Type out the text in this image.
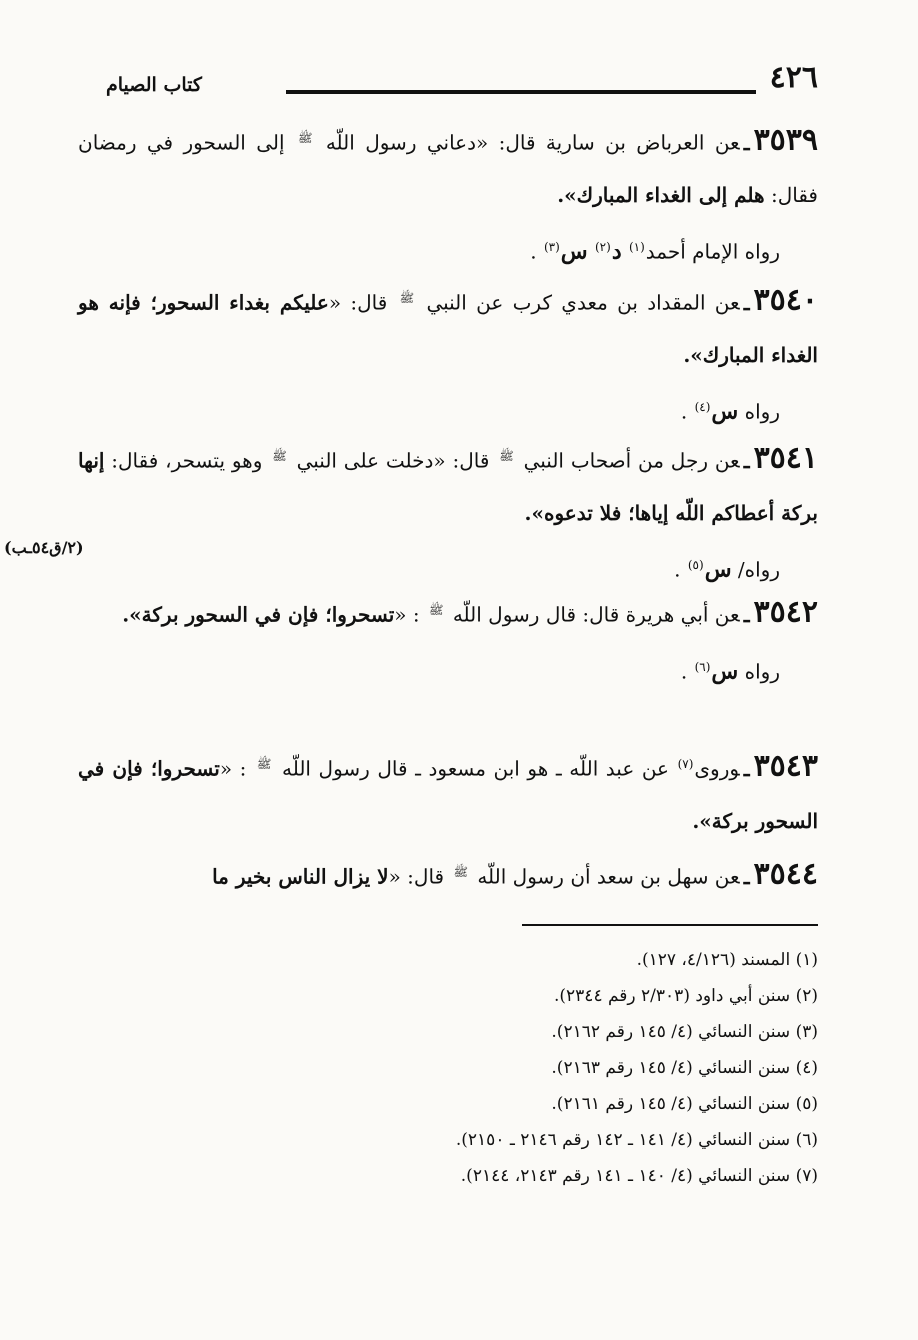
٤٢٦
كتاب الصيام
٣٥٣٩ـعن العرباض بن سارية قال: «دعاني رسول اللّه $^ﷺ$ إلى السحور في رمضان فقال: هلم إلى الغداء المبارك».
رواه الإمام أحمد$^{(١)}$ د$^{(٢)}$ س$^{(٣)}$ .
٣٥٤٠ـعن المقداد بن معدي كرب عن النبي $^ﷺ$ قال: «عليكم بغداء السحور؛ فإنه هو الغداء المبارك».
رواه س$^{(٤)}$ .
٣٥٤١ـعن رجل من أصحاب النبي $^ﷺ$ قال: «دخلت على النبي $^ﷺ$ وهو يتسحر، فقال: إنها بركة أعطاكم اللّه إياها؛ فلا تدعوه».
رواه/ س$^{(٥)}$ .
(٢/ق٥٤ـب)
٣٥٤٢ـعن أبي هريرة قال: قال رسول اللّه $^ﷺ$ : «تسحروا؛ فإن في السحور بركة».
رواه س$^{(٦)}$ .
٣٥٤٣ـوروى$^{(٧)}$ عن عبد اللّه ـ هو ابن مسعود ـ قال رسول اللّه $^ﷺ$ : «تسحروا؛ فإن في السحور بركة».
٣٥٤٤ـعن سهل بن سعد أن رسول اللّه $^ﷺ$ قال: «لا يزال الناس بخير ما
(١) المسند (٤/١٢٦، ١٢٧).
(٢) سنن أبي داود (٢/٣٠٣ رقم ٢٣٤٤).
(٣) سنن النسائي (٤/ ١٤٥ رقم ٢١٦٢).
(٤) سنن النسائي (٤/ ١٤٥ رقم ٢١٦٣).
(٥) سنن النسائي (٤/ ١٤٥ رقم ٢١٦١).
(٦) سنن النسائي (٤/ ١٤١ ـ ١٤٢ رقم ٢١٤٦ ـ ٢١٥٠).
(٧) سنن النسائي (٤/ ١٤٠ ـ ١٤١ رقم ٢١٤٣، ٢١٤٤).
